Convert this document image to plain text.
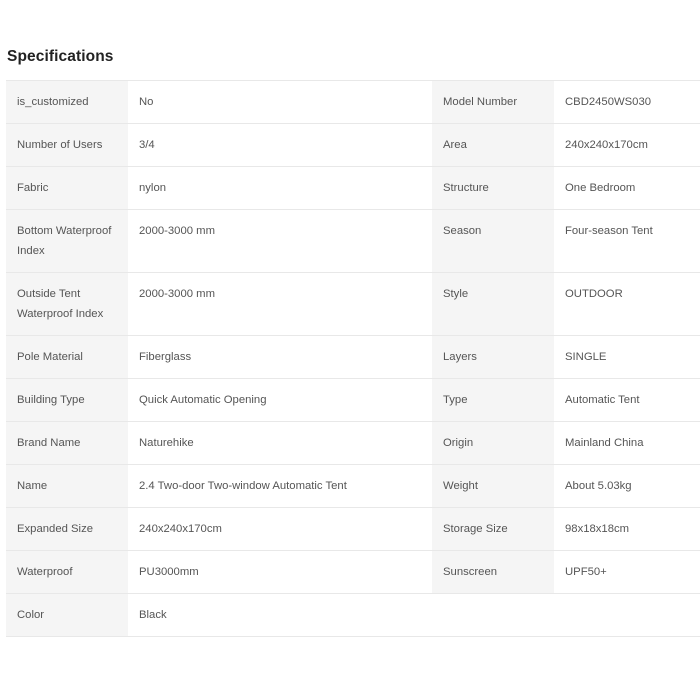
Specifications
is_customized	No	Model Number	CBD2450WS030
Number of Users	3/4	Area	240x240x170cm
Fabric	nylon	Structure	One Bedroom
Bottom Waterproof Index	2000-3000 mm	Season	Four-season Tent
Outside Tent Waterproof Index	2000-3000 mm	Style	OUTDOOR
Pole Material	Fiberglass	Layers	SINGLE
Building Type	Quick Automatic Opening	Type	Automatic Tent
Brand Name	Naturehike	Origin	Mainland China
Name	2.4 Two-door Two-window Automatic Tent	Weight	About 5.03kg
Expanded Size	240x240x170cm	Storage Size	98x18x18cm
Waterproof	PU3000mm	Sunscreen	UPF50+
Color	Black		
